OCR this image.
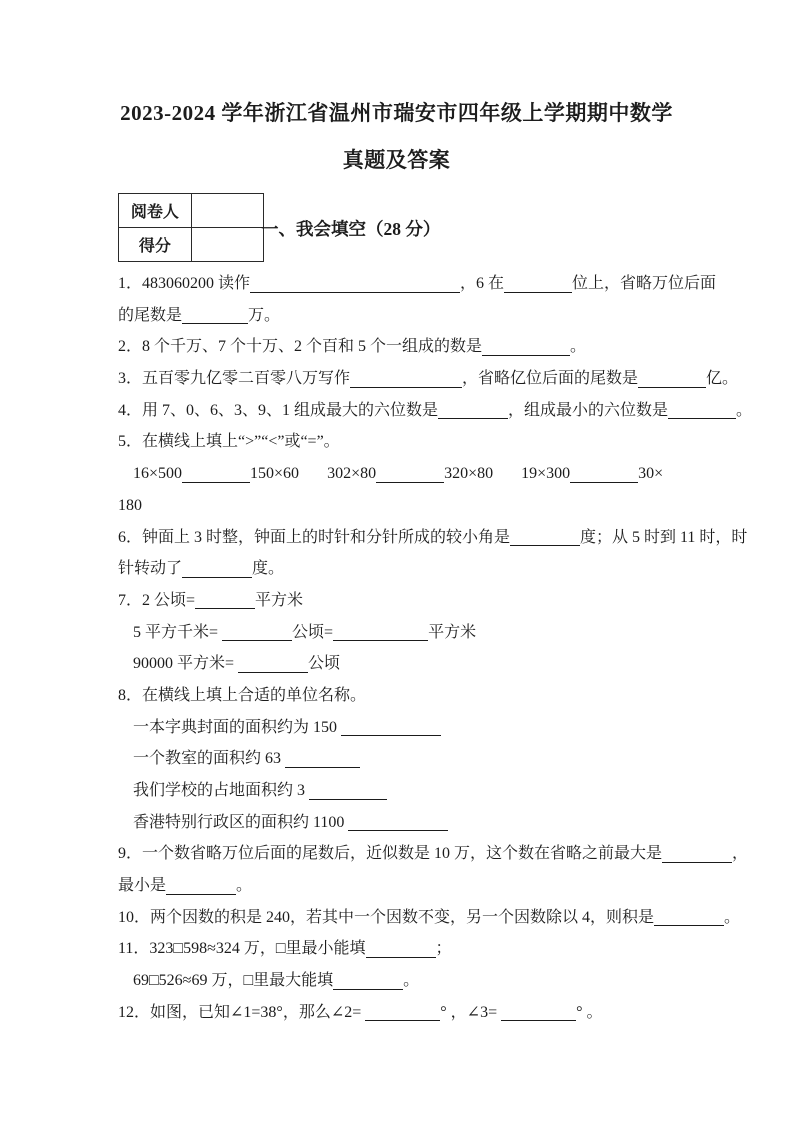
2023-2024 学年浙江省温州市瑞安市四年级上学期期中数学
真题及答案
阅卷人	
得分	
一、我会填空（28 分）
1．483060200 读作	，6 在	位上，省略万位后面
的尾数是	万。
2．8 个千万、7 个十万、2 个百和 5 个一组成的数是	。
3．五百零九亿零二百零八万写作	，省略亿位后面的尾数是	亿。
4．用 7、0、6、3、9、1 组成最大的六位数是	，组成最小的六位数是	。
5．在横线上填上“>”“<”或“=”。
16×500	150×60 302×80	320×80 19×300	30×
180
6．钟面上 3 时整，钟面上的时针和分针所成的较小角是	度；从 5 时到 11 时，时
针转动了	度。
7．2 公顷=	平方米
5 平方千米=	公顷=	平方米
90000 平方米=	公顷
8．在横线上填上合适的单位名称。
一本字典封面的面积约为 150
一个教室的面积约 63
我们学校的占地面积约 3
香港特别行政区的面积约 1100
9．一个数省略万位后面的尾数后，近似数是 10 万，这个数在省略之前最大是	，
最小是	。
10．两个因数的积是 240，若其中一个因数不变，另一个因数除以 4，则积是	。
11．323□598≈324 万，□里最小能填	；
69□526≈69 万，□里最大能填	。
12．如图，已知∠1=38°，那么∠2=	° ，∠3=	° 。
